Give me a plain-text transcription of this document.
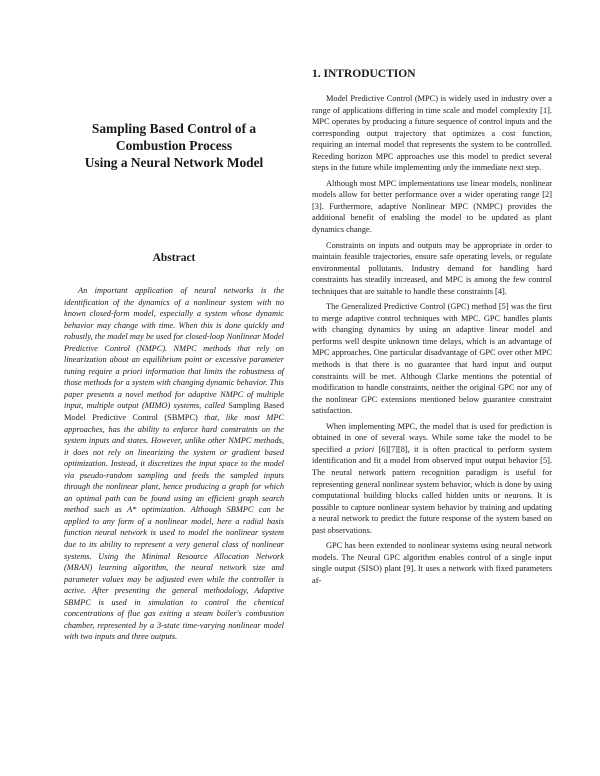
Sampling Based Control of a
Combustion Process
Using a Neural Network Model
Abstract

An important application of neural networks is the identification of the dynamics of a nonlinear system with no known closed-form model, especially a system whose dynamic behavior may change with time. When this is done quickly and robustly, the model may be used for closed-loop Nonlinear Model Predictive Control (NMPC). NMPC methods that rely on linearization about an equilibrium point or excessive parameter tuning require a priori information that limits the robustness of those methods for a system with changing dynamic behavior. This paper presents a novel method for adaptive NMPC of multiple input, multiple output (MIMO) systems, called Sampling Based Model Predictive Control (SBMPC) that, like most MPC approaches, has the ability to enforce hard constraints on the system inputs and states. However, unlike other NMPC methods, it does not rely on linearizing the system or gradient based optimization. Instead, it discretizes the input space to the model via pseudo-random sampling and feeds the sampled inputs through the nonlinear plant, hence producing a graph for which an optimal path can be found using an efficient graph search method such as A* optimization. Although SBMPC can be applied to any form of a nonlinear model, here a radial basis function neural network is used to model the nonlinear system due to its ability to represent a very general class of nonlinear systems. Using the Minimal Resource Allocation Network (MRAN) learning algorithm, the neural network size and parameter values may be adjusted even while the controller is active. After presenting the general methodology, Adaptive SBMPC is used in simulation to control the chemical concentrations of flue gas exiting a steam boiler's combustion chamber, represented by a 3-state time-varying nonlinear model with two inputs and three outputs.

1. INTRODUCTION

Model Predictive Control (MPC) is widely used in industry over a range of applications differing in time scale and model complexity [1]. MPC operates by producing a future sequence of control inputs and the corresponding output trajectory that optimizes a cost function, requiring an internal model that represents the system to be controlled. Receding horizon MPC approaches use this model to predict several steps in the future while implementing only the immediate next step.

Although most MPC implementations use linear models, nonlinear models allow for better performance over a wider operating range [2][3]. Furthermore, adaptive Nonlinear MPC (NMPC) provides the additional benefit of enabling the model to be updated as plant dynamics change.

Constraints on inputs and outputs may be appropriate in order to maintain feasible trajectories, ensure safe operating levels, or regulate environmental pollutants. Industry demand for handling hard constraints has steadily increased, and MPC is among the few control techniques that are suitable to handle these constraints [4].

The Generalized Predictive Control (GPC) method [5] was the first to merge adaptive control techniques with MPC. GPC handles plants with changing dynamics by using an adaptive linear model and performs well despite unknown time delays, which is an advantage of MPC approaches. One particular disadvantage of GPC over other MPC methods is that there is no guarantee that hard input and output constraints will be met. Although Clarke mentions the potential of modification to handle constraints, neither the original GPC nor any of the nonlinear GPC extensions mentioned below guarantee constraint satisfaction.

When implementing MPC, the model that is used for prediction is obtained in one of several ways. While some take the model to be specified a priori [6][7][8], it is often practical to perform system identification and fit a model from observed input output behavior [5]. The neural network pattern recognition paradigm is useful for representing general nonlinear system behavior, which is done by using computational building blocks called hidden units or neurons. It is possible to capture nonlinear system behavior by training and updating a neural network to predict the future response of the system based on past observations.

GPC has been extended to nonlinear systems using neural network models. The Neural GPC algorithm enables control of a single input single output (SISO) plant [9]. It uses a network with fixed parameters af-
